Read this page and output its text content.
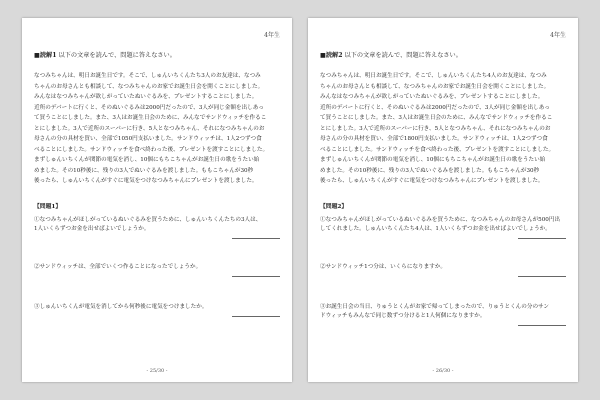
4年生
■読解1 以下の文章を読んで、問題に答えなさい。

なつみちゃんは、明日お誕生日です。そこで、しゅんいちくんたち3人のお友達は、なつみ

ちゃんのお母さんとも相談して、なつみちゃんのお家でお誕生日会を開くことにしました。

みんなはなつみちゃんが欲しがっていたぬいぐるみを、プレゼントすることにしました。

近所のデパートに行くと、そのぬいぐるみは2000円だったので、3人が同じ金額を出しあっ

て買うことにしました。また、3人はお誕生日会のために、みんなでサンドウィッチを作るこ

とにしました。3人で近所のスーパーに行き、5人となつみちゃん、それになつみちゃんのお

母さんの分の具材を買い、全部で1050円支払いました。サンドウィッチは、1人2つずつ食

べることにしました。サンドウィッチを食べ終わった後、プレゼントを渡すことにしました。

まずしゅんいちくんが関節の電気を消し、10個にもちこちゃんがお誕生日の歌をうたい始

めました。その10秒後に、残りの3人でぬいぐるみを渡しました。ももこちゃんが30秒

後ったら、しゅんいちくんがすぐに電気をつけなつみちゃんにプレゼントを渡しました。

【問題1】

①なつみちゃんがほしがっているぬいぐるみを買うために、しゅんいちくんたちの3人は、

1人いくらずつお金を出せばよいでしょうか。

②サンドウィッチは、全部でいくつ作ることになったでしょうか。

③しゅんいちくんが電気を消してから何秒後に電気をつけましたか。

- 25/30 -
4年生
■読解2 以下の文章を読んで、問題に答えなさい。

なつみちゃんは、明日お誕生日です。そこで、しゅんいちくんたち4人のお友達は、なつみ

ちゃんのお母さんとも相談して、なつみちゃんのお家でお誕生日会を開くことにしました。

みんなはなつみちゃんが欲しがっていたぬいぐるみを、プレゼントすることにしました。

近所のデパートに行くと、そのぬいぐるみは2000円だったので、3人が同じ金額を出しあっ

て買うことにしました。また、3人はお誕生日会のために、みんなでサンドウィッチを作るこ

とにしました。3人で近所のスーパーに行き、5人となつみちゃん、それになつみちゃんのお

母さんの分の具材を買い、全部で1800円支払いました。サンドウィッチは、1人2つずつ食

べることにしました。サンドウィッチを食べ終わった後、プレゼントを渡すことにしました。

まずしゅんいちくんが関節の電気を消し、10個にもちこちゃんがお誕生日の歌をうたい始

めました。その10秒後に、残りの3人でぬいぐるみを渡しました。ももこちゃんが30秒

後ったら、しゅんいちくんがすぐに電気をつけなつみちゃんにプレゼントを渡しました。

【問題2】

①なつみちゃんがほしがっているぬいぐるみを買うために、なつみちゃんのお母さんが500円出

してくれました。しゅんいちくんたち4人は、1人いくらずつお金を出せばよいでしょうか。

②サンドウィッチ1つ分は、いくらになりますか。

③お誕生日会の当日、りゅうとくんがお家で帰ってしまったので、りゅうとくんの分のサン

ドウィッチもみんなで同じ数ずつ分けると1人何個になりますか。

- 26/30 -
